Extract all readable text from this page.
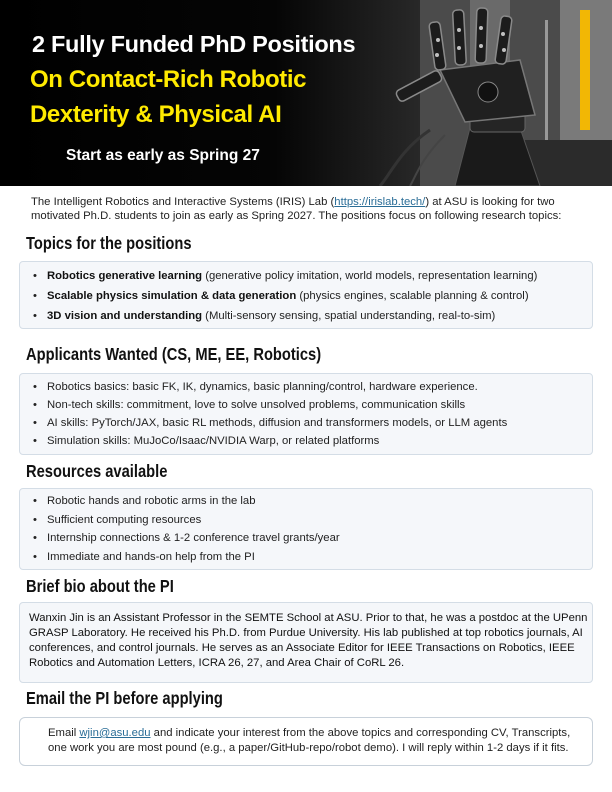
2 Fully Funded PhD Positions
On Contact-Rich Robotic
Dexterity & Physical AI
Start as early as Spring 27
The Intelligent Robotics and Interactive Systems (IRIS) Lab (https://irislab.tech/) at ASU is looking for two motivated Ph.D. students to join as early as Spring 2027. The positions focus on following research topics:
Topics for the positions
• Robotics generative learning (generative policy imitation, world models, representation learning)
• Scalable physics simulation & data generation (physics engines, scalable planning & control)
• 3D vision and understanding (Multi-sensory sensing, spatial understanding, real-to-sim)
Applicants Wanted (CS, ME, EE, Robotics)
• Robotics basics: basic FK, IK, dynamics, basic planning/control, hardware experience.
• Non-tech skills: commitment, love to solve unsolved problems, communication skills
• AI skills: PyTorch/JAX, basic RL methods, diffusion and transformers models, or LLM agents
• Simulation skills: MuJoCo/Isaac/NVIDIA Warp, or related platforms
Resources available
• Robotic hands and robotic arms in the lab
• Sufficient computing resources
• Internship connections & 1-2 conference travel grants/year
• Immediate and hands-on help from the PI
Brief bio about the PI

Wanxin Jin is an Assistant Professor in the SEMTE School at ASU. Prior to that, he was a postdoc at the UPenn GRASP Laboratory. He received his Ph.D. from Purdue University. His lab published at top robotics journals, AI conferences, and control journals. He serves as an Associate Editor for IEEE Transactions on Robotics, IEEE Robotics and Automation Letters, ICRA 26, 27, and Area Chair of CoRL 26.

Email the PI before applying

Email wjin@asu.edu and indicate your interest from the above topics and corresponding CV, Transcripts,

one work you are most pound (e.g., a paper/GitHub-repo/robot demo). I will reply within 1-2 days if it fits.
